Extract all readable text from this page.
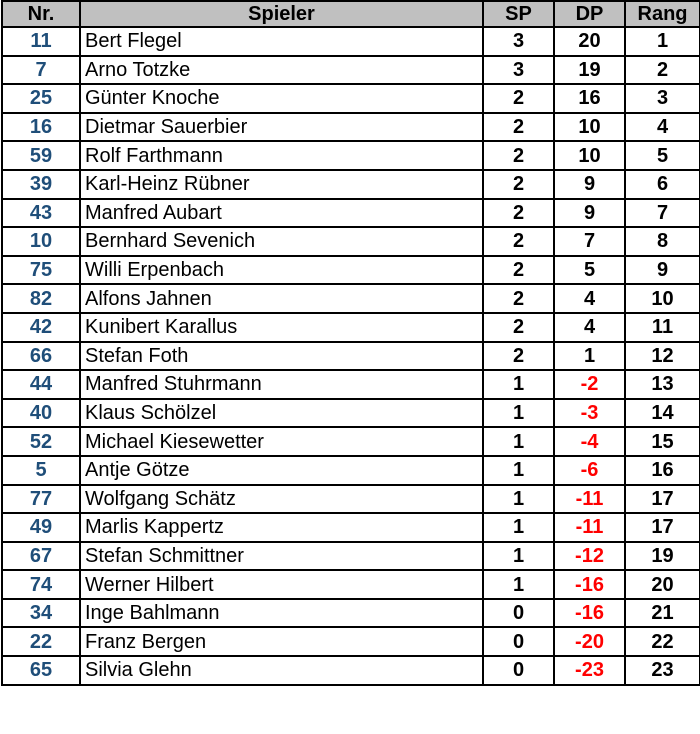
Nr.	Spieler	SP	DP	Rang
11	Bert Flegel	3	20	1
7	Arno Totzke	3	19	2
25	Günter Knoche	2	16	3
16	Dietmar Sauerbier	2	10	4
59	Rolf Farthmann	2	10	5
39	Karl-Heinz Rübner	2	9	6
43	Manfred Aubart	2	9	7
10	Bernhard Sevenich	2	7	8
75	Willi Erpenbach	2	5	9
82	Alfons Jahnen	2	4	10
42	Kunibert Karallus	2	4	11
66	Stefan Foth	2	1	12
44	Manfred Stuhrmann	1	-2	13
40	Klaus Schölzel	1	-3	14
52	Michael Kiesewetter	1	-4	15
5	Antje Götze	1	-6	16
77	Wolfgang Schätz	1	-11	17
49	Marlis Kappertz	1	-11	17
67	Stefan Schmittner	1	-12	19
74	Werner Hilbert	1	-16	20
34	Inge Bahlmann	0	-16	21
22	Franz Bergen	0	-20	22
65	Silvia Glehn	0	-23	23
